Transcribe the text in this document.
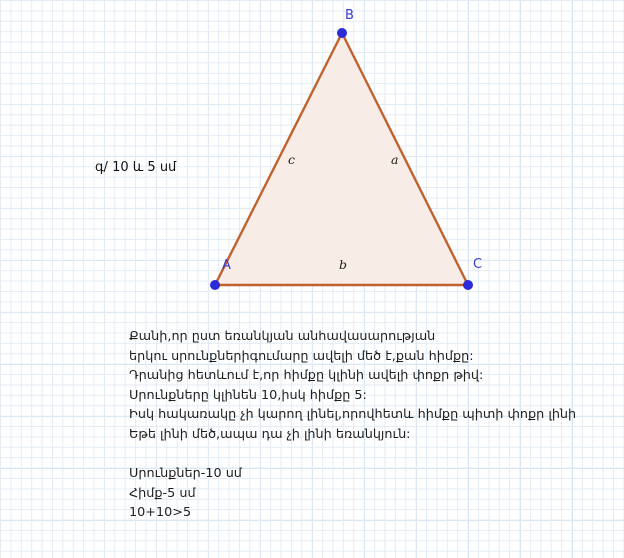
A
B
C
c	a
b
գ/ 10 և 5 սմ
Քանի,որ ըստ եռանկյան անհավասարության
երկու սրունքներիգումարը ավելի մեծ է,քան հիմքը:
Դրանից հետևում է,որ հիմքը կլինի ավելի փոքր թիվ:
Սրունքները կլինեն 10,իսկ հիմքը 5:
Իսկ հակառակը չի կարող լինել,որովհետև հիմքը պիտի փոքր լինի
Եթե լինի մեծ,ապա դա չի լինի եռանկյուն:
Սրունքներ-10 սմ
Հիմք-5 սմ
10+10>5
